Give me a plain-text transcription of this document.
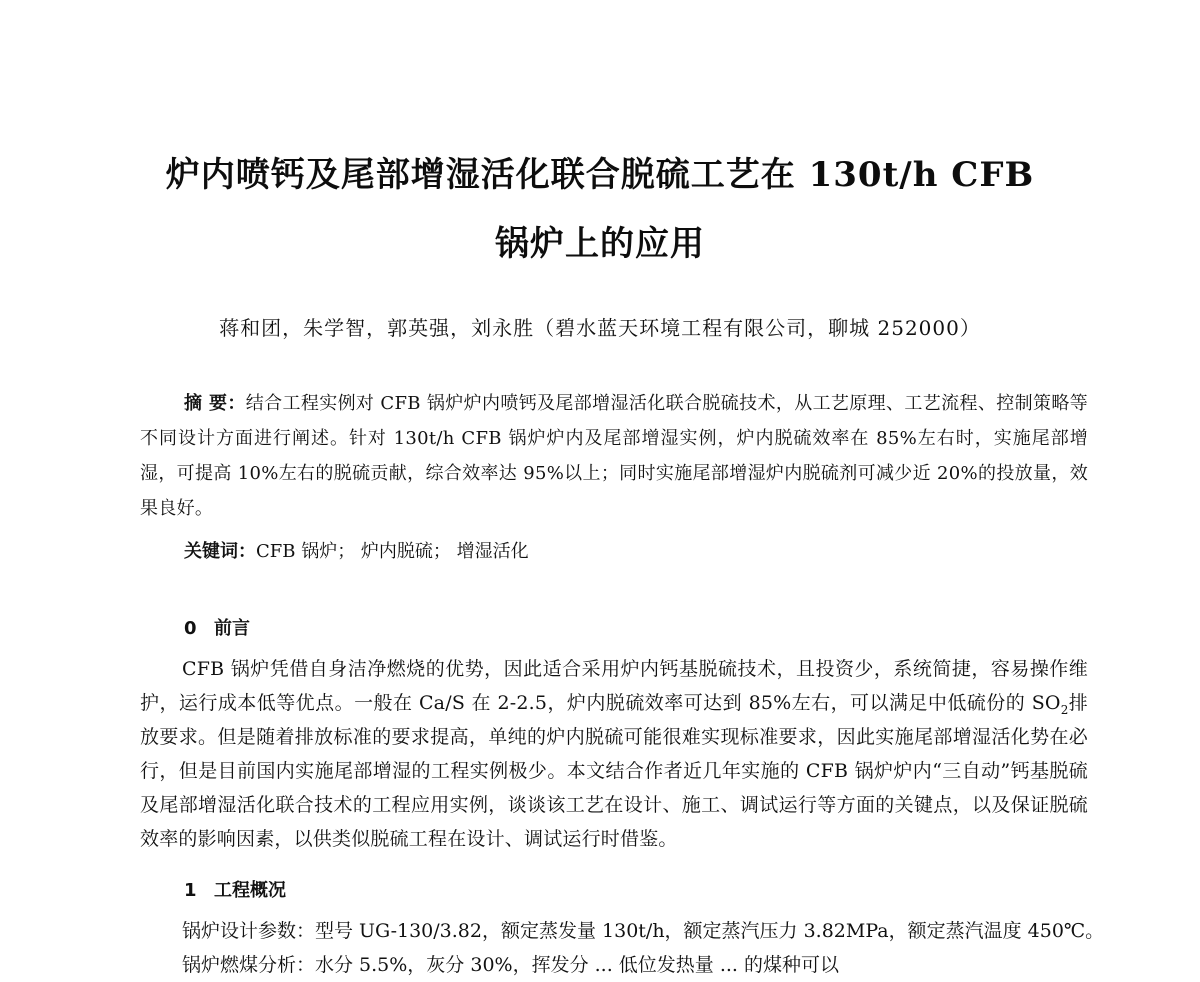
炉内喷钙及尾部增湿活化联合脱硫工艺在 130t/h CFB
锅炉上的应用
蒋和团，朱学智，郭英强，刘永胜（碧水蓝天环境工程有限公司，聊城 252000）

摘 要：结合工程实例对 CFB 锅炉炉内喷钙及尾部增湿活化联合脱硫技术，从工艺原理、工艺流程、控制策略等不同设计方面进行阐述。针对 130t/h CFB 锅炉炉内及尾部增湿实例，炉内脱硫效率在 85%左右时，实施尾部增湿，可提高 10%左右的脱硫贡献，综合效率达 95%以上；同时实施尾部增湿炉内脱硫剂可减少近 20%的投放量，效果良好。

关键词：CFB 锅炉； 炉内脱硫； 增湿活化

0 前言

CFB 锅炉凭借自身洁净燃烧的优势，因此适合采用炉内钙基脱硫技术，且投资少，系统简捷，容易操作维护，运行成本低等优点。一般在 Ca/S 在 2-2.5，炉内脱硫效率可达到 85%左右，可以满足中低硫份的 $SO_2$排放要求。但是随着排放标准的要求提高，单纯的炉内脱硫可能很难实现标准要求，因此实施尾部增湿活化势在必行，但是目前国内实施尾部增湿的工程实例极少。本文结合作者近几年实施的 CFB 锅炉炉内“三自动”钙基脱硫及尾部增湿活化联合技术的工程应用实例，谈谈该工艺在设计、施工、调试运行等方面的关键点，以及保证脱硫效率的影响因素，以供类似脱硫工程在设计、调试运行时借鉴。

1 工程概况

锅炉设计参数：型号 UG-130/3.82，额定蒸发量 130t/h，额定蒸汽压力 3.82MPa，额定蒸汽温度 450℃。

锅炉燃煤分析：水分 5.5%，灰分 30%，挥发分 ... 低位发热量 ... 的煤种可以
